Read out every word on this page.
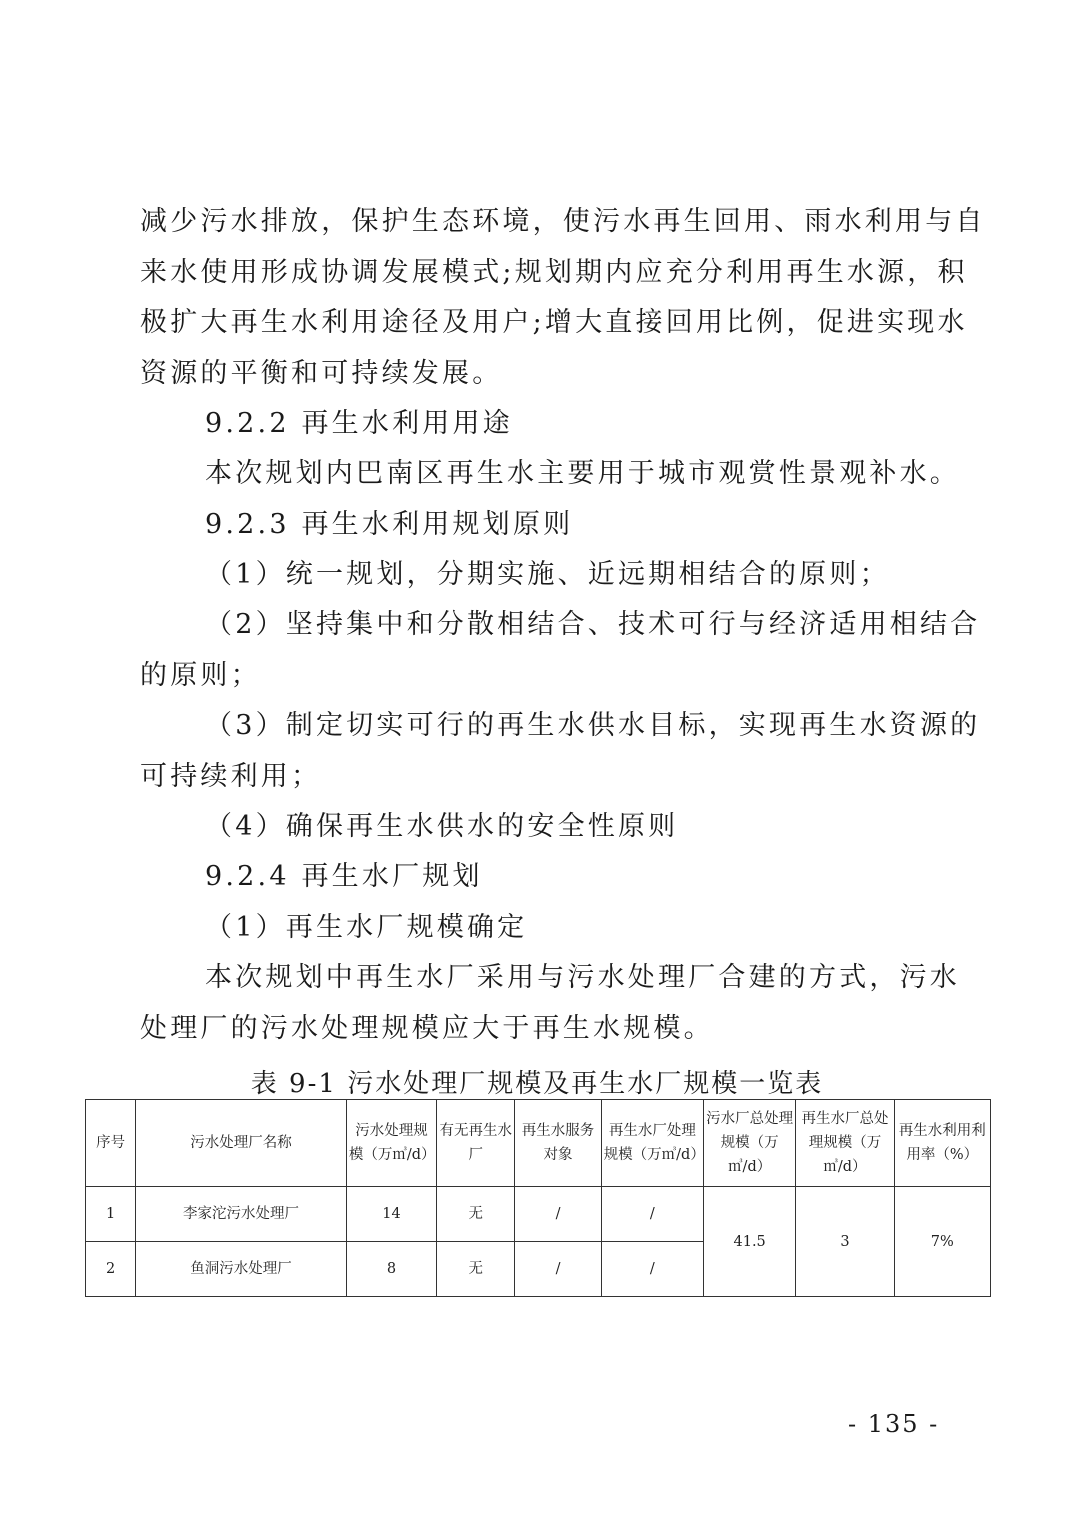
减少污水排放，保护生态环境，使污水再生回用、雨水利用与自

来水使用形成协调发展模式;规划期内应充分利用再生水源，积

极扩大再生水利用途径及用户;增大直接回用比例，促进实现水

资源的平衡和可持续发展。

9.2.2 再生水利用用途

本次规划内巴南区再生水主要用于城市观赏性景观补水。

9.2.3 再生水利用规划原则

（1）统一规划，分期实施、近远期相结合的原则；

（2）坚持集中和分散相结合、技术可行与经济适用相结合

的原则；

（3）制定切实可行的再生水供水目标，实现再生水资源的

可持续利用；

（4）确保再生水供水的安全性原则

9.2.4 再生水厂规划

（1）再生水厂规模确定

本次规划中再生水厂采用与污水处理厂合建的方式，污水

处理厂的污水处理规模应大于再生水规模。

表 9-1 污水处理厂规模及再生水厂规模一览表

序号	污水处理厂名称	污水处理规模（万㎥/d）	有无再生水厂	再生水服务对象	再生水厂处理规模（万㎥/d）	污水厂总处理规模（万㎥/d）	再生水厂总处理规模（万㎥/d）	再生水利用利用率（%）
1	李家沱污水处理厂	14	无	/	/	41.5	3	7%
2	鱼洞污水处理厂	8	无	/	/			
- 135 -
